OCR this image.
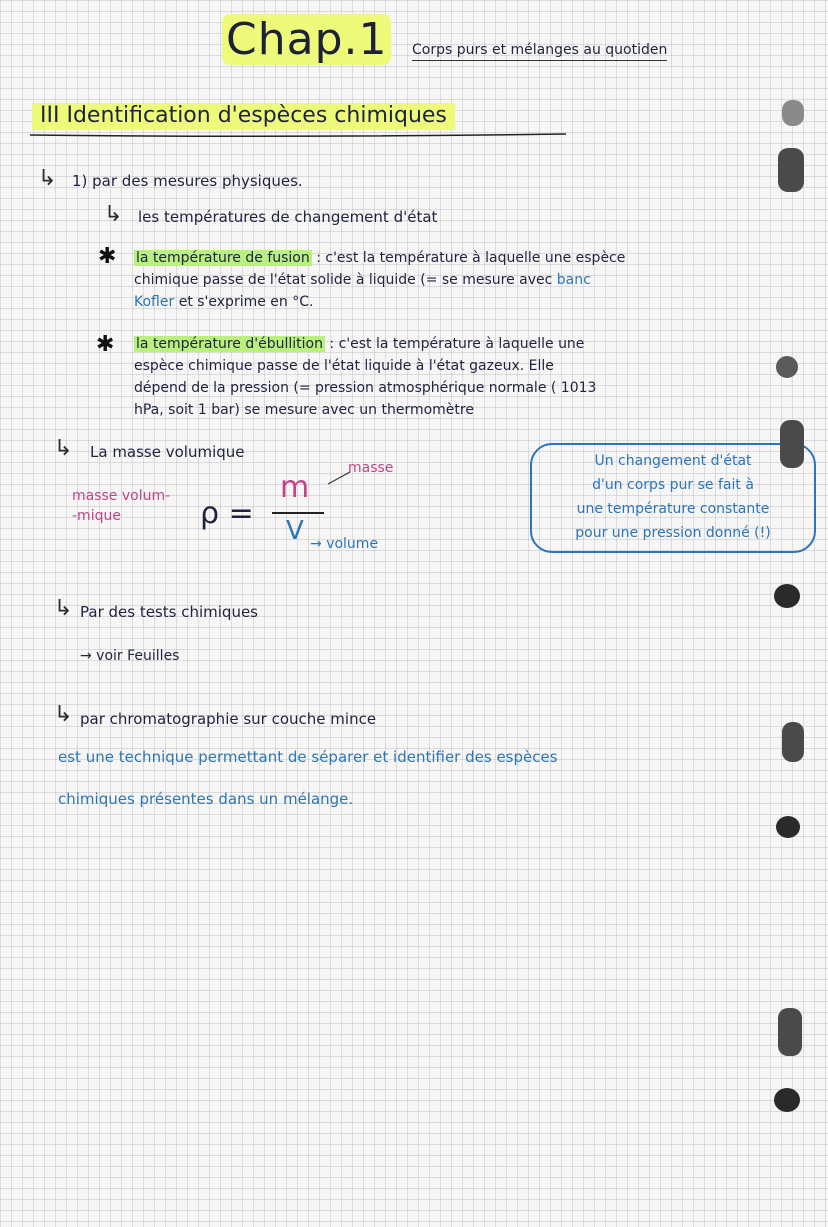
Chap.1 Corps purs et mélanges au quotiden
III Identification d'espèces chimiques
↳ 1) par des mesures physiques.
↳ les températures de changement d'état
✱ la température de fusion : c'est la température à laquelle une espèce
chimique passe de l'état solide à liquide (= se mesure avec banc
Kofler et s'exprime en °C.
✱ la température d'ébullition : c'est la température à laquelle une
espèce chimique passe de l'état liquide à l'état gazeux. Elle
dépend de la pression (= pression atmosphérique normale ( 1013
hPa, soit 1 bar) se mesure avec un thermomètre
↳ La masse volumique
masse volum-
-mique	ρ =
m
V
masse
→ volume
Un changement d'état
d'un corps pur se fait à
une température constante
pour une pression donné (!)
↳ Par des tests chimiques
→ voir Feuilles
↳ par chromatographie sur couche mince
est une technique permettant de séparer et identifier des espèces
chimiques présentes dans un mélange.
